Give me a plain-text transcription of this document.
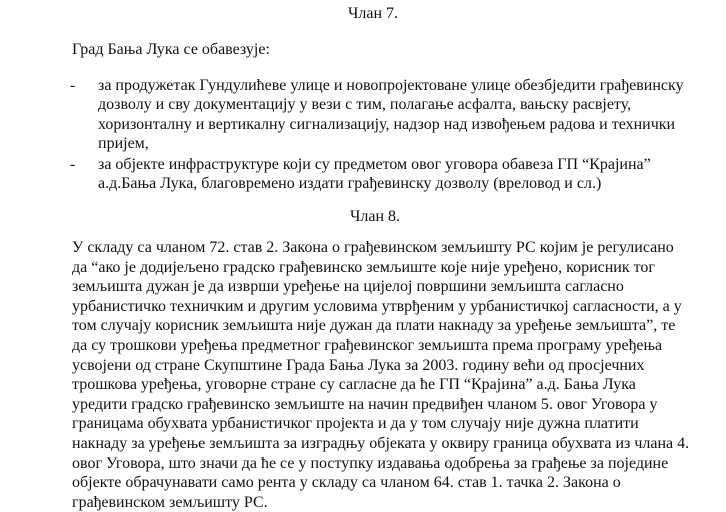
Члан 7.
Град Бања Лука се обавезује:
- за продужетак Гундулићеве улице и новопројектоване улице обезбједити грађевинску
дозволу и сву документацију у вези с тим, полагање асфалта, вањску расвјету,
хоризонталну и вертикалну сигнализацију, надзор над извођењем радова и технички
пријем,
- за објекте инфраструктуре који су предметом овог уговора обавеза ГП “Крајина”
а.д.Бања Лука, благовремено издати грађевинску дозволу (вреловод и сл.)
Члан 8.
У складу са чланом 72. став 2. Закона о грађевинском земљишту РС којим је регулисано
да “ако је додијељено градско грађевинско земљиште које није уређено, корисник тог
земљишта дужан је да изврши уређење на цијелој површини земљишта сагласно
урбанистичко техничким и другим условима утврђеним у урбанистичкој сагласности, а у
том случају корисник земљишта није дужан да плати накнаду за уређење земљишта”, те
да су трошкови уређења предметног грађевинског земљишта према програму уређења
усвојени од стране Скупштине Града Бања Лука за 2003. годину већи од просјечних
трошкова уређења, уговорне стране су сагласне да ће ГП “Крајина” а.д. Бања Лука
уредити градско грађевинско земљиште на начин предвиђен чланом 5. овог Уговора у
границама обухвата урбанистичког пројекта и да у том случају није дужна платити
накнаду за уређење земљишта за изградњу објеката у оквиру граница обухвата из члана 4.
овог Уговора, што значи да ће се у поступку издавања одобрења за грађење за поједине
објекте обрачунавати само рента у складу са чланом 64. став 1. тачка 2. Закона о
грађевинском земљишту РС.
